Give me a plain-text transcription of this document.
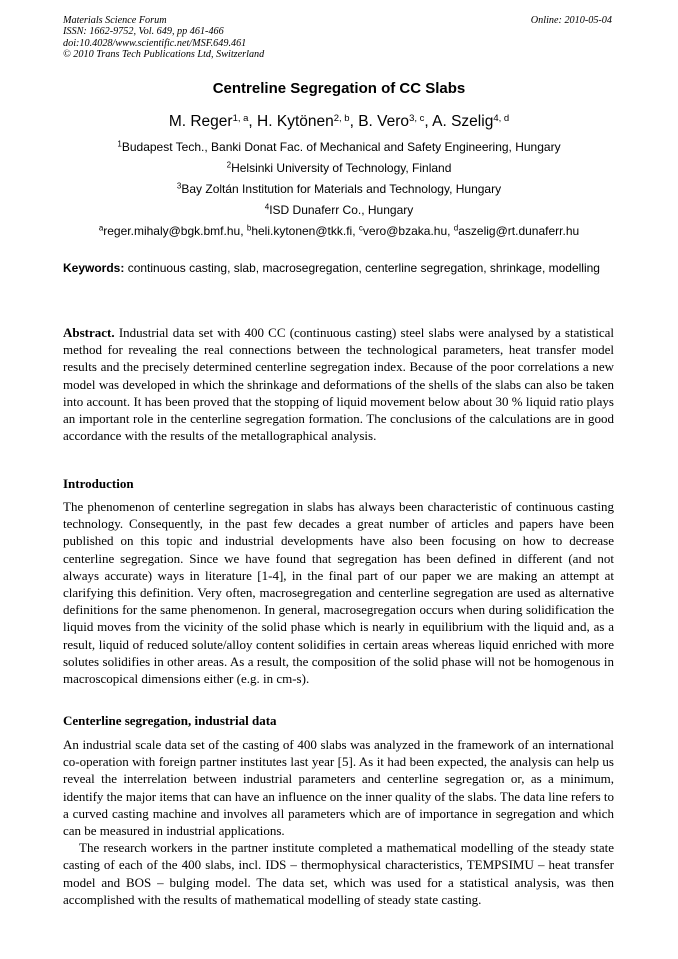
Materials Science Forum
ISSN: 1662-9752, Vol. 649, pp 461-466
doi:10.4028/www.scientific.net/MSF.649.461
© 2010 Trans Tech Publications Ltd, Switzerland
Online: 2010-05-04
Centreline Segregation of CC Slabs
M. Reger$^{1, a}$, H. Kytönen$^{2, b}$, B. Vero$^{3, c}$, A. Szelig$^{4, d}$
$^1$Budapest Tech., Banki Donat Fac. of Mechanical and Safety Engineering, Hungary
$^2$Helsinki University of Technology, Finland
$^3$Bay Zoltán Institution for Materials and Technology, Hungary
$^4$ISD Dunaferr Co., Hungary
$^a$reger.mihaly@bgk.bmf.hu, $^b$heli.kytonen@tkk.fi, $^c$vero@bzaka.hu, $^d$aszelig@rt.dunaferr.hu
Keywords: continuous casting, slab, macrosegregation, centerline segregation, shrinkage, modelling
Abstract. Industrial data set with 400 CC (continuous casting) steel slabs were analysed by a statistical method for revealing the real connections between the technological parameters, heat transfer model results and the precisely determined centerline segregation index. Because of the poor correlations a new model was developed in which the shrinkage and deformations of the shells of the slabs can also be taken into account. It has been proved that the stopping of liquid movement below about 30 % liquid ratio plays an important role in the centerline segregation formation. The conclusions of the calculations are in good accordance with the results of the metallographical analysis.
Introduction
The phenomenon of centerline segregation in slabs has always been characteristic of continuous casting technology. Consequently, in the past few decades a great number of articles and papers have been published on this topic and industrial developments have also been focusing on how to decrease centerline segregation. Since we have found that segregation has been defined in different (and not always accurate) ways in literature [1-4], in the final part of our paper we are making an attempt at clarifying this definition. Very often, macrosegregation and centerline segregation are used as alternative definitions for the same phenomenon. In general, macrosegregation occurs when during solidification the liquid moves from the vicinity of the solid phase which is nearly in equilibrium with the liquid and, as a result, liquid of reduced solute/alloy content solidifies in certain areas whereas liquid enriched with more solutes solidifies in other areas. As a result, the composition of the solid phase will not be homogenous in macroscopical dimensions either (e.g. in cm-s).
Centerline segregation, industrial data

An industrial scale data set of the casting of 400 slabs was analyzed in the framework of an international co-operation with foreign partner institutes last year [5]. As it had been expected, the analysis can help us reveal the interrelation between industrial parameters and centerline segregation or, as a minimum, identify the major items that can have an influence on the inner quality of the slabs. The data line refers to a curved casting machine and involves all parameters which are of importance in segregation and which can be measured in industrial applications.

The research workers in the partner institute completed a mathematical modelling of the steady state casting of each of the 400 slabs, incl. IDS – thermophysical characteristics, TEMPSIMU – heat transfer model and BOS – bulging model. The data set, which was used for a statistical analysis, was then accomplished with the results of mathematical modelling of steady state casting.
